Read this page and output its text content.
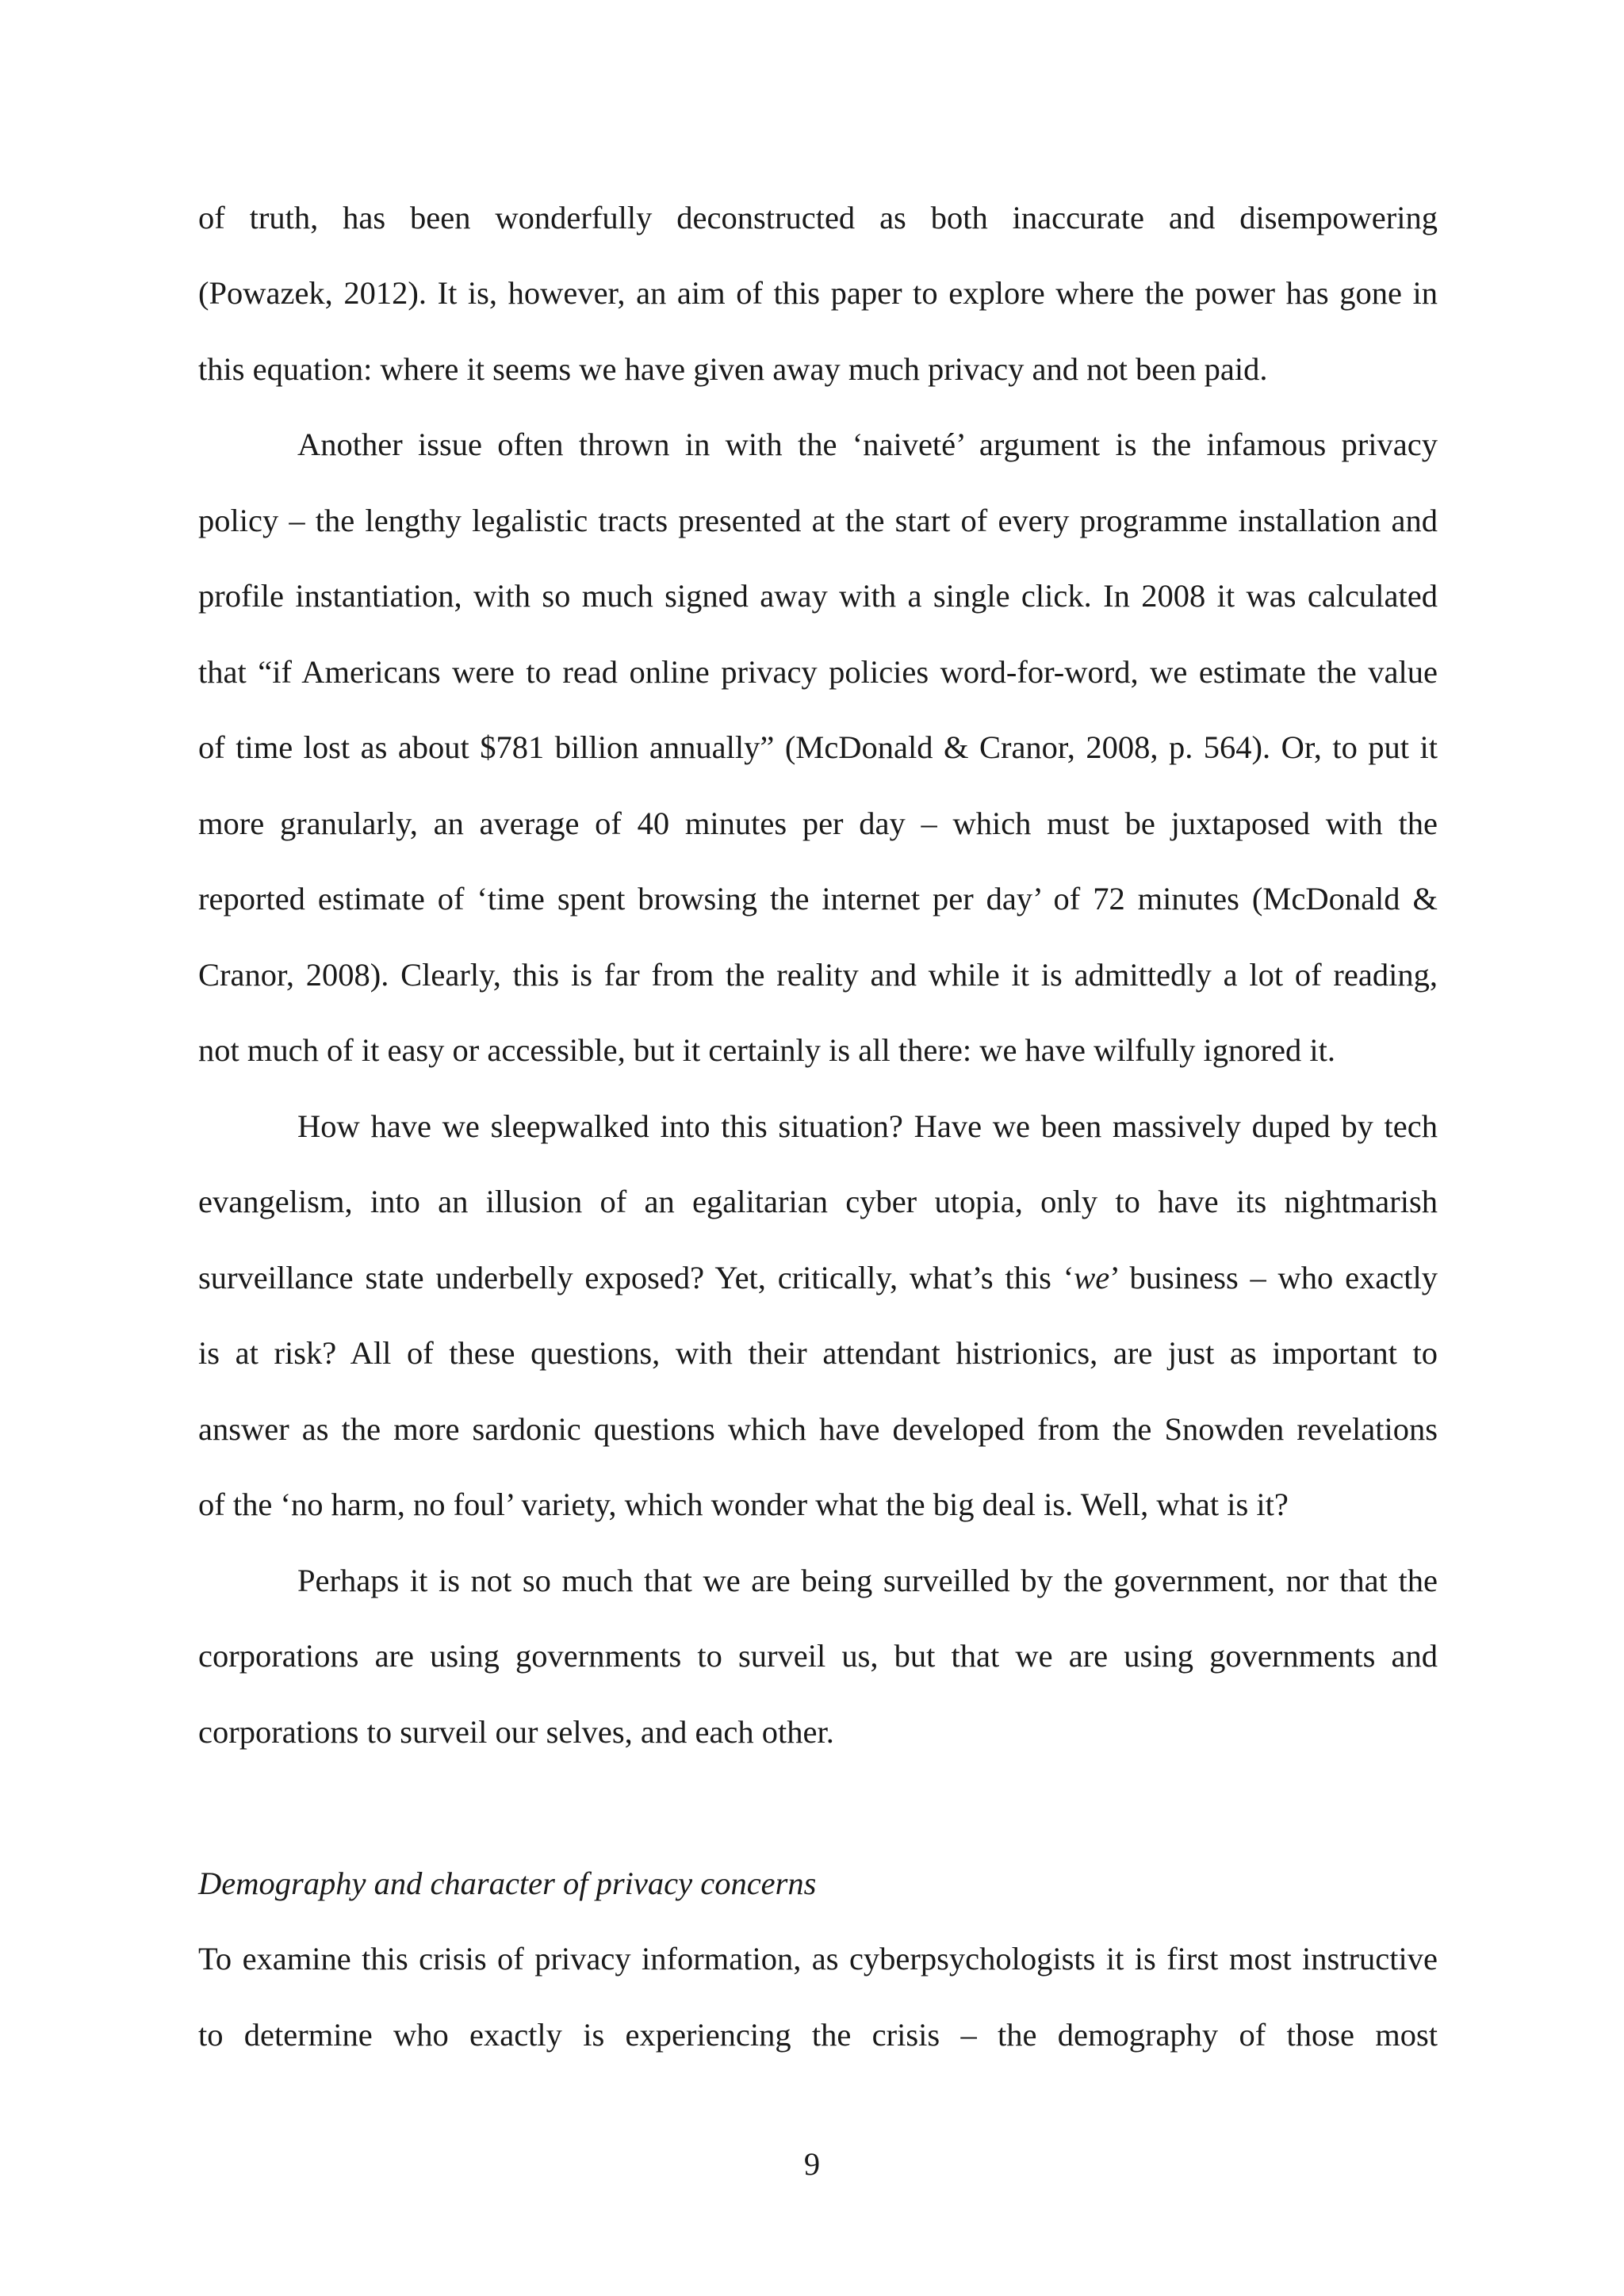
of truth, has been wonderfully deconstructed as both inaccurate and disempowering
(Powazek, 2012). It is, however, an aim of this paper to explore where the power has gone in
this equation: where it seems we have given away much privacy and not been paid.
Another issue often thrown in with the ‘naiveté’ argument is the infamous privacy
policy – the lengthy legalistic tracts presented at the start of every programme installation and
profile instantiation, with so much signed away with a single click. In 2008 it was calculated
that “if Americans were to read online privacy policies word-for-word, we estimate the value
of time lost as about $781 billion annually” (McDonald & Cranor, 2008, p. 564). Or, to put it
more granularly, an average of 40 minutes per day – which must be juxtaposed with the
reported estimate of ‘time spent browsing the internet per day’ of 72 minutes (McDonald &
Cranor, 2008). Clearly, this is far from the reality and while it is admittedly a lot of reading,
not much of it easy or accessible, but it certainly is all there: we have wilfully ignored it.
How have we sleepwalked into this situation? Have we been massively duped by tech
evangelism, into an illusion of an egalitarian cyber utopia, only to have its nightmarish
surveillance state underbelly exposed? Yet, critically, what’s this ‘we’ business – who exactly
is at risk? All of these questions, with their attendant histrionics, are just as important to
answer as the more sardonic questions which have developed from the Snowden revelations
of the ‘no harm, no foul’ variety, which wonder what the big deal is. Well, what is it?
Perhaps it is not so much that we are being surveilled by the government, nor that the
corporations are using governments to surveil us, but that we are using governments and
corporations to surveil our selves, and each other.
Demography and character of privacy concerns
To examine this crisis of privacy information, as cyberpsychologists it is first most instructive
to determine who exactly is experiencing the crisis – the demography of those most
9
